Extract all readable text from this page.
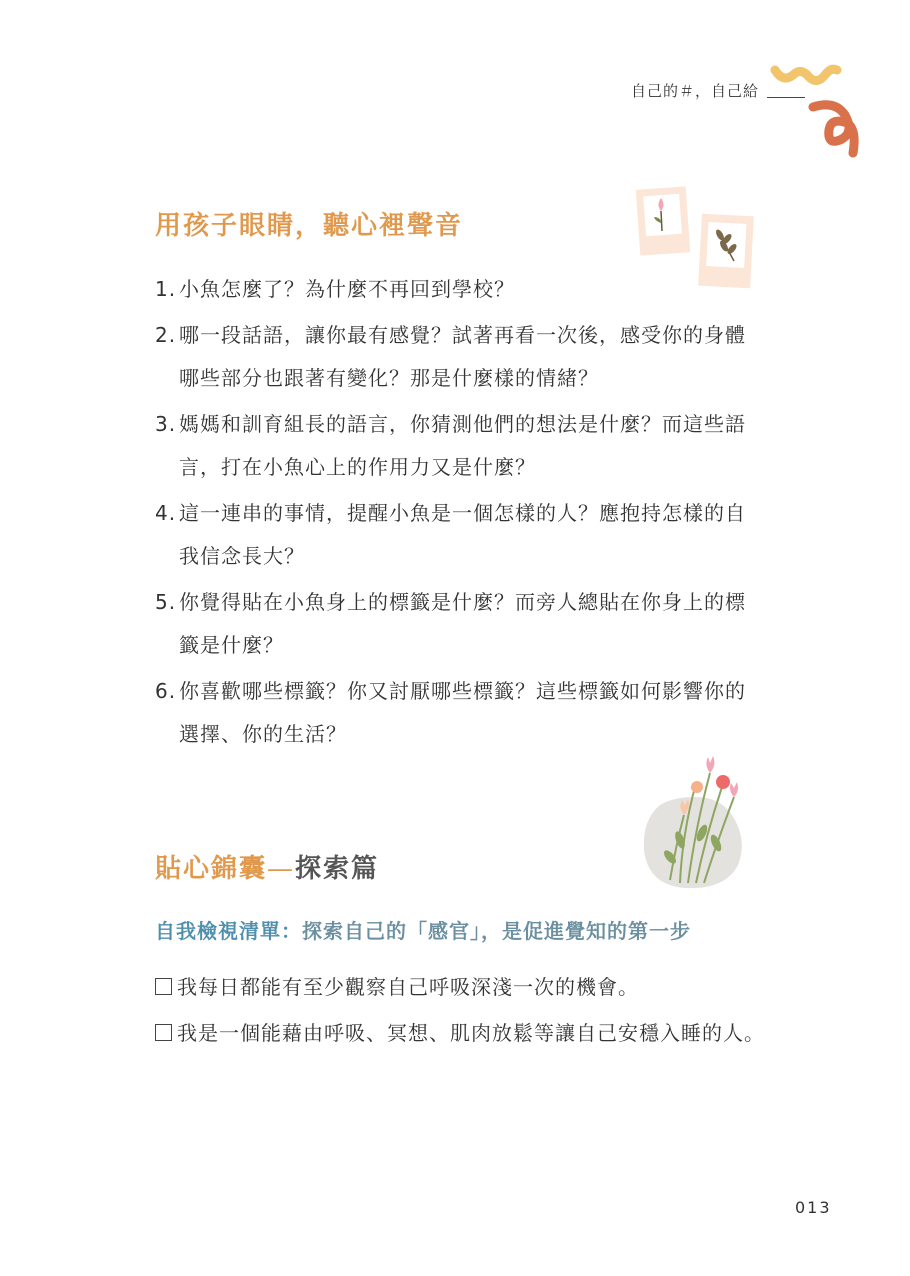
自己的＃，自己給
用孩子眼睛，聽心裡聲音
1. 小魚怎麼了？為什麼不再回到學校？
2. 哪一段話語，讓你最有感覺？試著再看一次後，感受你的身體哪些部分也跟著有變化？那是什麼樣的情緒？
3. 媽媽和訓育組長的語言，你猜測他們的想法是什麼？而這些語言，打在小魚心上的作用力又是什麼？
4. 這一連串的事情，提醒小魚是一個怎樣的人？應抱持怎樣的自我信念長大？
5. 你覺得貼在小魚身上的標籤是什麼？而旁人總貼在你身上的標籤是什麼？
6. 你喜歡哪些標籤？你又討厭哪些標籤？這些標籤如何影響你的選擇、你的生活？
貼心錦囊—探索篇
自我檢視清單：探索自己的「感官」，是促進覺知的第一步
我每日都能有至少觀察自己呼吸深淺一次的機會。
我是一個能藉由呼吸、冥想、肌肉放鬆等讓自己安穩入睡的人。
013
